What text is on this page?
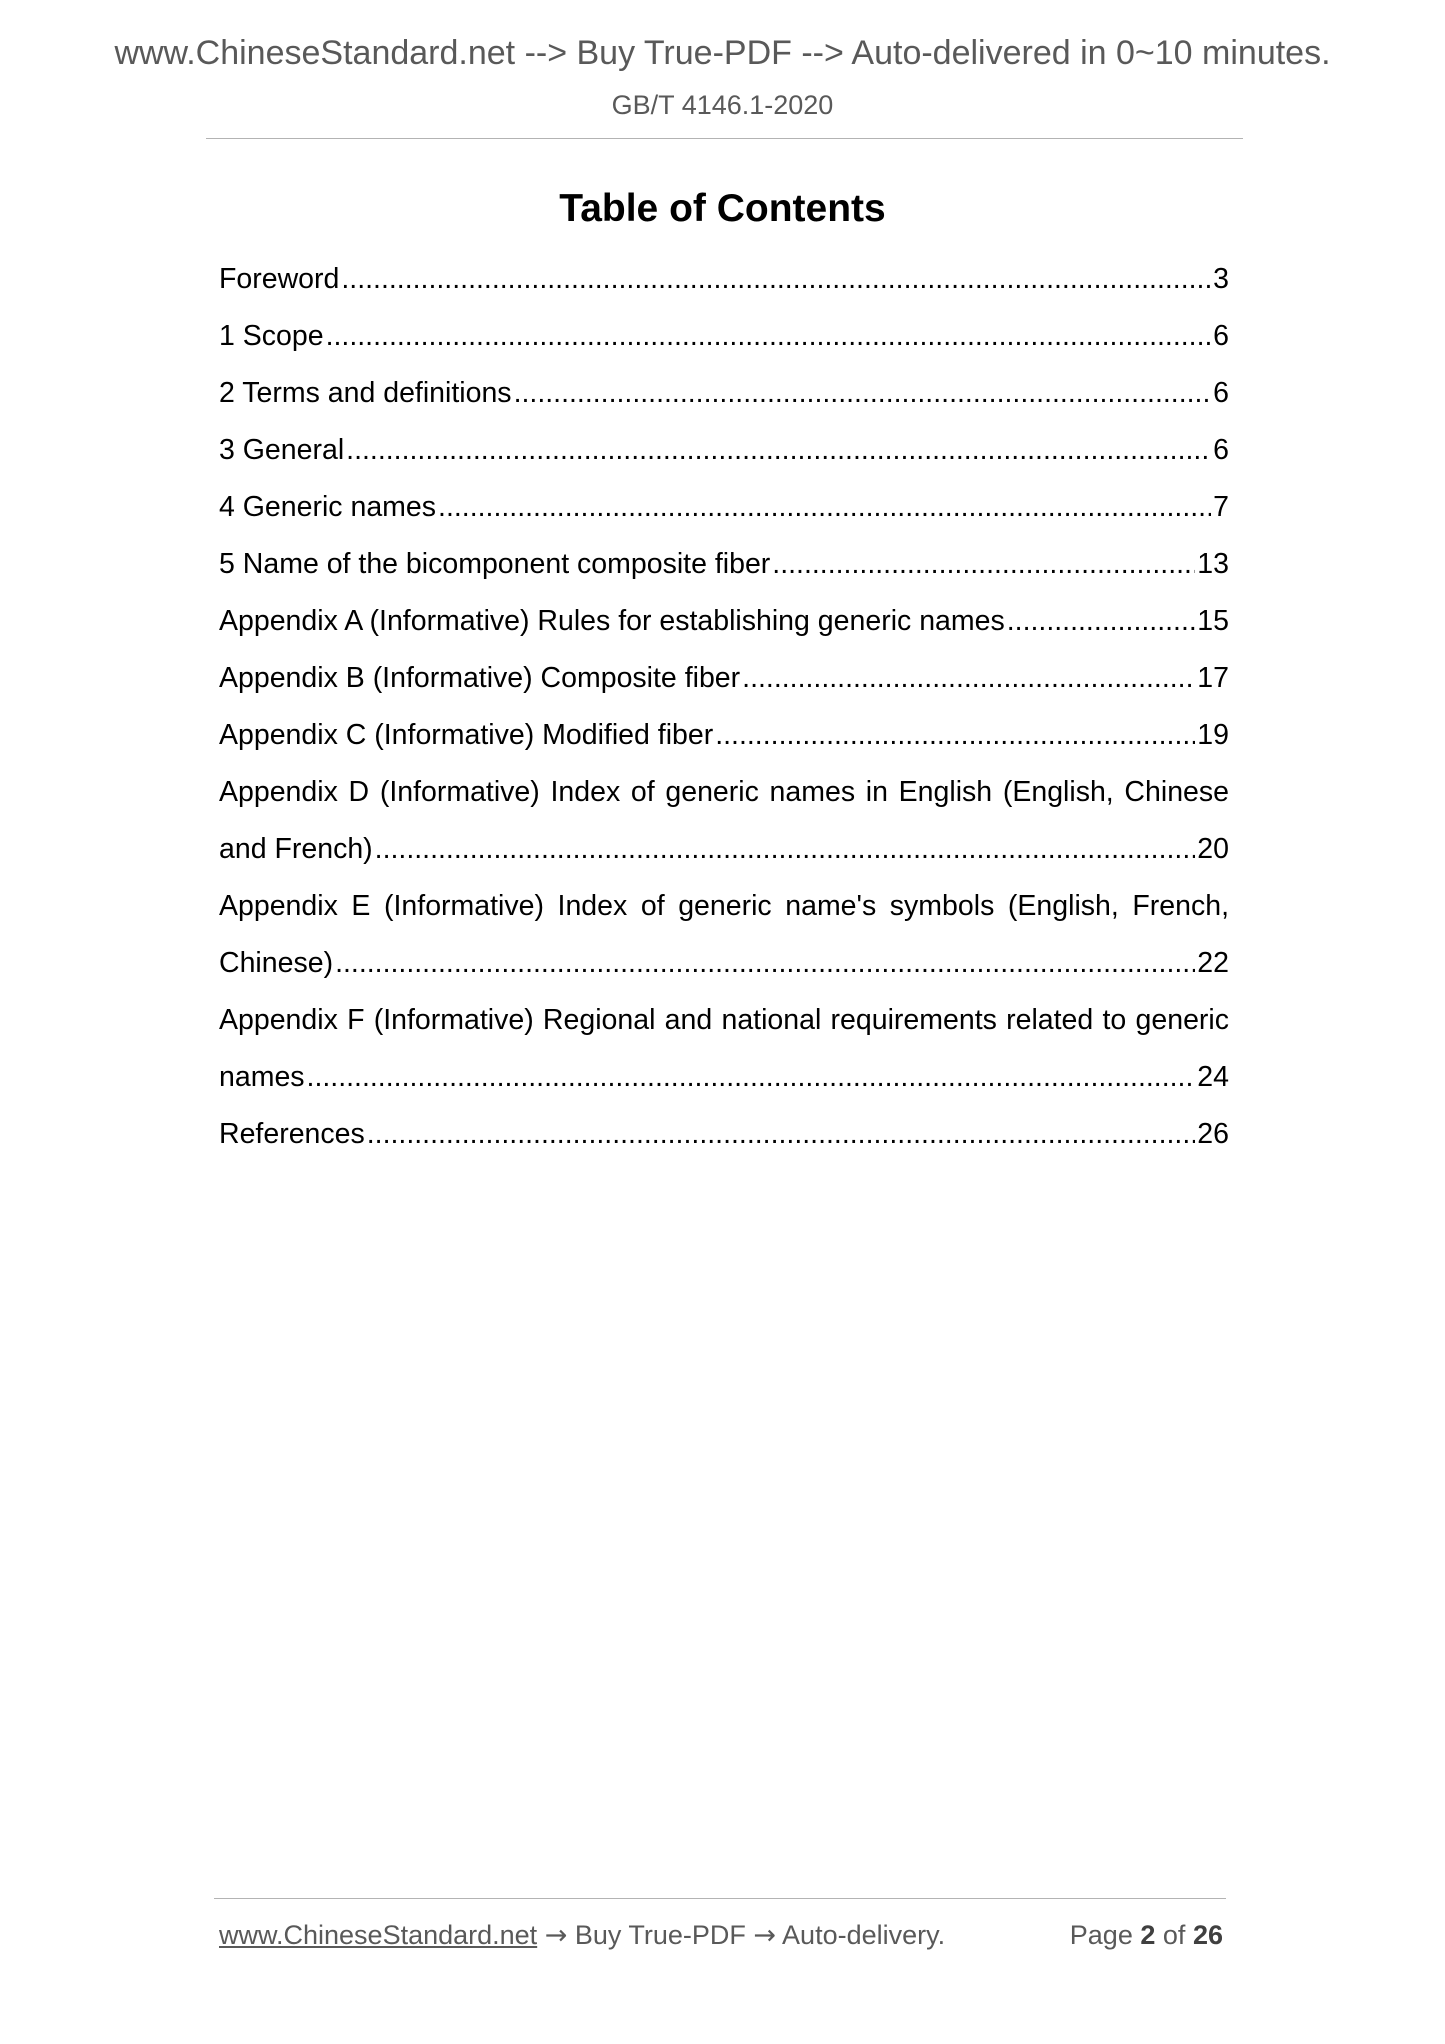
www.ChineseStandard.net --> Buy True-PDF --> Auto-delivered in 0~10 minutes.
GB/T 4146.1-2020
Table of Contents
Foreword .....	3
1 Scope .....	6
2 Terms and definitions .....	6
3 General .....	6
4 Generic names .....	7
5 Name of the bicomponent composite fiber .....	13
Appendix A (Informative) Rules for establishing generic names .....	15
Appendix B (Informative) Composite fiber .....	17
Appendix C (Informative) Modified fiber .....	19
Appendix D (Informative) Index of generic names in English (English, Chinese
and French) .....	20
Appendix E (Informative) Index of generic name's symbols (English, French,
Chinese) .....	22
Appendix F (Informative) Regional and national requirements related to generic
names .....	24
References .....	26
www.ChineseStandard.net → Buy True-PDF → Auto-delivery.	Page 2 of 26
